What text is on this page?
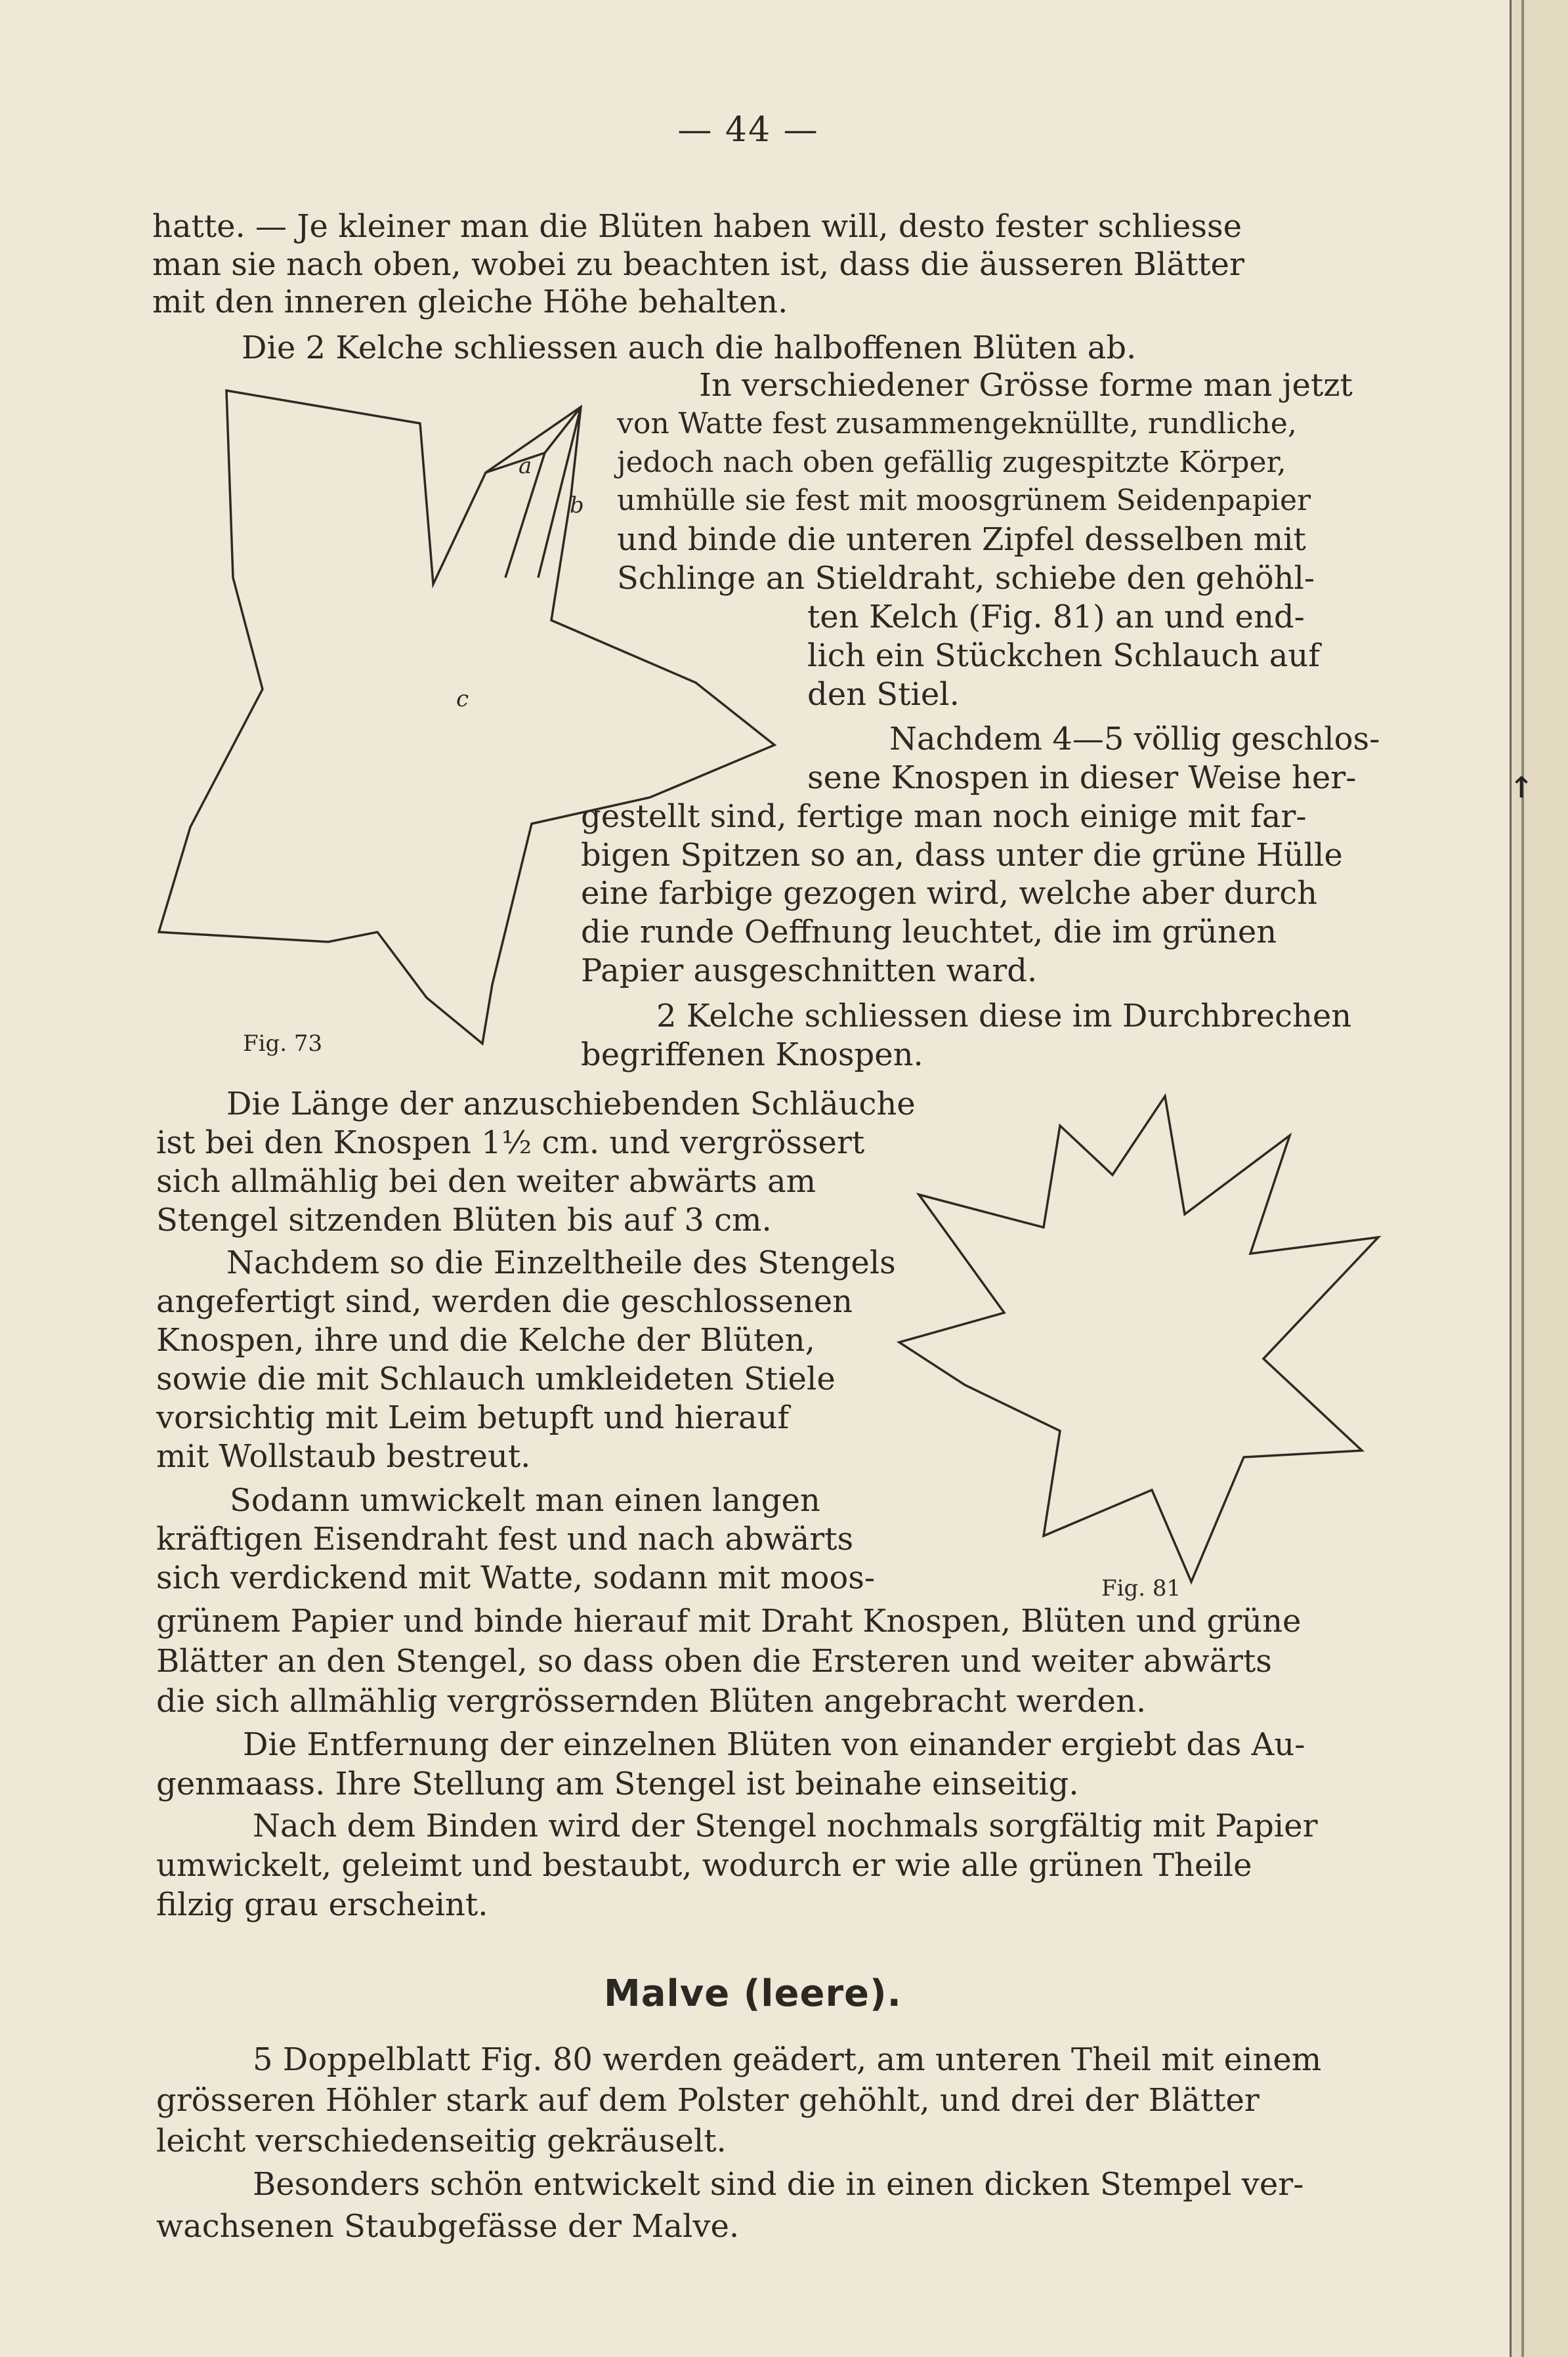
↑
— 44 —
hatte. — Je kleiner man die Blüten haben will, desto fester schliesse
man sie nach oben, wobei zu beachten ist, dass die äusseren Blätter
mit den inneren gleiche Höhe behalten.
Die 2 Kelche schliessen auch die halboffenen Blüten ab.
In verschiedener Grösse forme man jetzt
von Watte fest zusammengeknüllte, rundliche,
jedoch nach oben gefällig zugespitzte Körper,
umhülle sie fest mit moosgrünem Seidenpapier
und binde die unteren Zipfel desselben mit
Schlinge an Stieldraht, schiebe den gehöhl-
ten Kelch (Fig. 81) an und end-
lich ein Stückchen Schlauch auf
den Stiel.
Nachdem 4—5 völlig geschlos-
sene Knospen in dieser Weise her-
gestellt sind, fertige man noch einige mit far-
bigen Spitzen so an, dass unter die grüne Hülle
eine farbige gezogen wird, welche aber durch
die runde Oeffnung leuchtet, die im grünen
Papier ausgeschnitten ward.
2 Kelche schliessen diese im Durchbrechen
begriffenen Knospen.
Die Länge der anzuschiebenden Schläuche
ist bei den Knospen 1½ cm. und vergrössert
sich allmählig bei den weiter abwärts am
Stengel sitzenden Blüten bis auf 3 cm.
Nachdem so die Einzeltheile des Stengels
angefertigt sind, werden die geschlossenen
Knospen, ihre und die Kelche der Blüten,
sowie die mit Schlauch umkleideten Stiele
vorsichtig mit Leim betupft und hierauf
mit Wollstaub bestreut.
Sodann umwickelt man einen langen
kräftigen Eisendraht fest und nach abwärts
sich verdickend mit Watte, sodann mit moos-
grünem Papier und binde hierauf mit Draht Knospen, Blüten und grüne
Blätter an den Stengel, so dass oben die Ersteren und weiter abwärts
die sich allmählig vergrössernden Blüten angebracht werden.
Die Entfernung der einzelnen Blüten von einander ergiebt das Au-
genmaass. Ihre Stellung am Stengel ist beinahe einseitig.
Nach dem Binden wird der Stengel nochmals sorgfältig mit Papier
umwickelt, geleimt und bestaubt, wodurch er wie alle grünen Theile
filzig grau erscheint.
Malve (leere).
5 Doppelblatt Fig. 80 werden geädert, am unteren Theil mit einem
grösseren Höhler stark auf dem Polster gehöhlt, und drei der Blätter
leicht verschiedenseitig gekräuselt.
Besonders schön entwickelt sind die in einen dicken Stempel ver-
wachsenen Staubgefässe der Malve.
a
b
c
Fig. 73
Fig. 81
